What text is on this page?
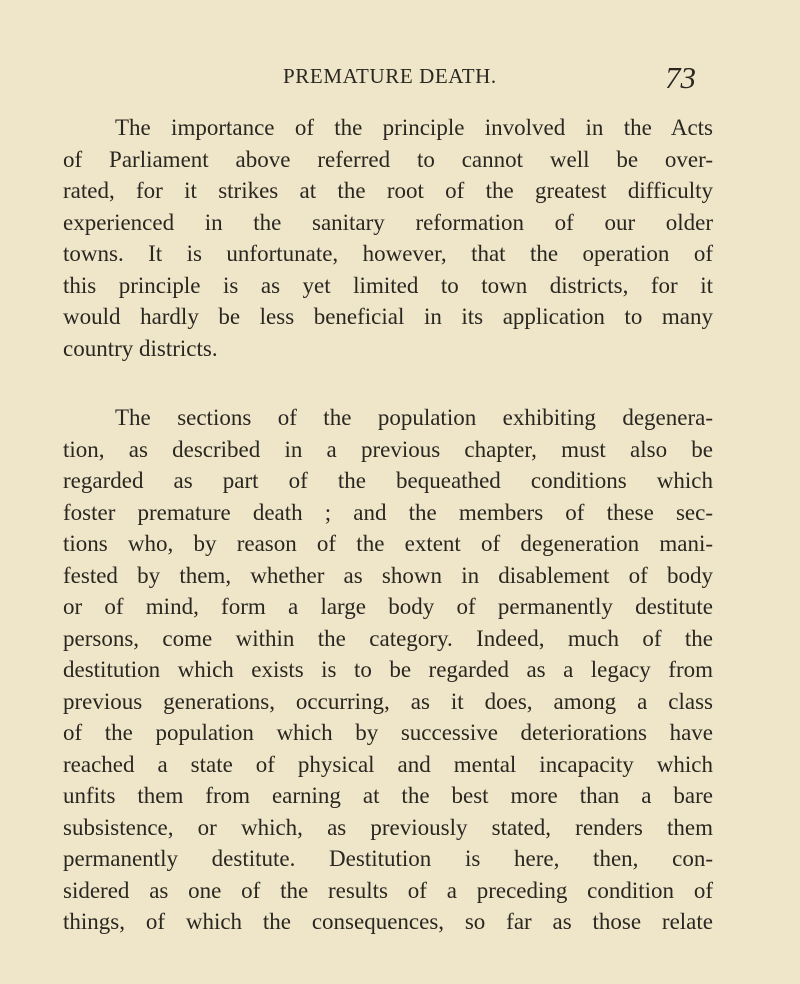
PREMATURE DEATH.	73
The importance of the principle involved in the Acts
of Parliament above referred to cannot well be over-
rated, for it strikes at the root of the greatest difficulty
experienced in the sanitary reformation of our older
towns. It is unfortunate, however, that the operation of
this principle is as yet limited to town districts, for it
would hardly be less beneficial in its application to many
country districts.
The sections of the population exhibiting degenera-
tion, as described in a previous chapter, must also be
regarded as part of the bequeathed conditions which
foster premature death ; and the members of these sec-
tions who, by reason of the extent of degeneration mani-
fested by them, whether as shown in disablement of body
or of mind, form a large body of permanently destitute
persons, come within the category. Indeed, much of the
destitution which exists is to be regarded as a legacy from
previous generations, occurring, as it does, among a class
of the population which by successive deteriorations have
reached a state of physical and mental incapacity which
unfits them from earning at the best more than a bare
subsistence, or which, as previously stated, renders them
permanently destitute. Destitution is here, then, con-
sidered as one of the results of a preceding condition of
things, of which the consequences, so far as those relate
